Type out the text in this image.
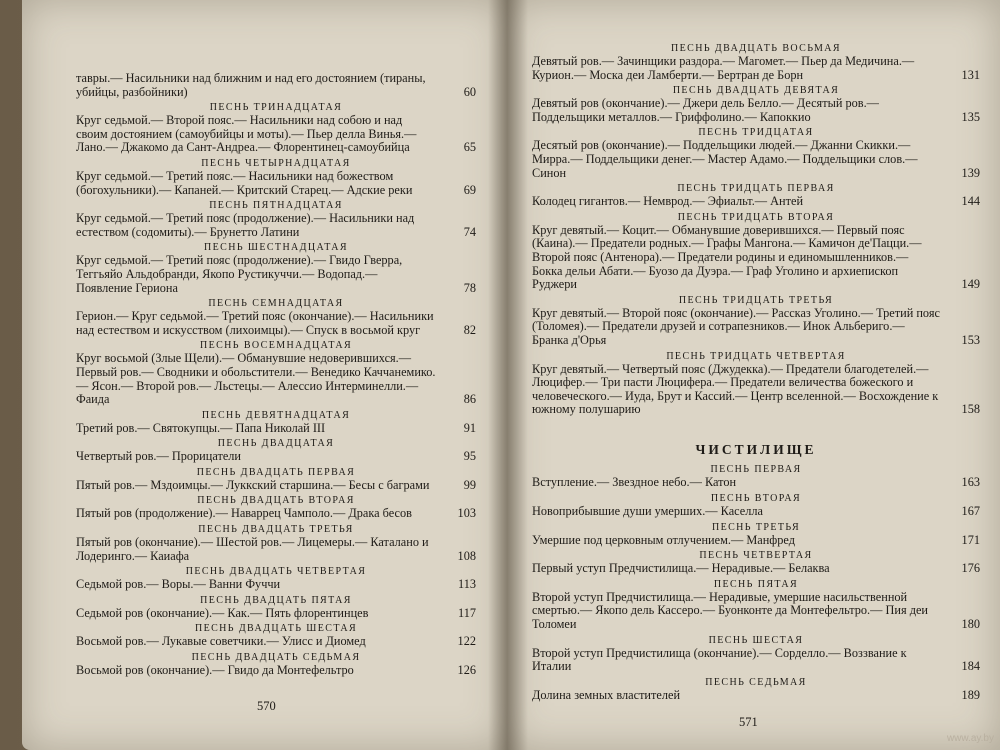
тавры.— Насильники над ближним и над его достоянием (тираны, убийцы, разбойники)	60
ПЕСНЬ ТРИНАДЦАТАЯ
Круг седьмой.— Второй пояс.— Насильники над собою и над своим достоянием (самоубийцы и моты).— Пьер делла Винья.— Лано.— Джакомо да Сант-Андреа.— Флорентинец-самоубийца	65
ПЕСНЬ ЧЕТЫРНАДЦАТАЯ
Круг седьмой.— Третий пояс.— Насильники над божеством (богохульники).— Капаней.— Критский Старец.— Адские реки	69
ПЕСНЬ ПЯТНАДЦАТАЯ
Круг седьмой.— Третий пояс (продолжение).— Насильники над естеством (содомиты).— Брунетто Латини	74
ПЕСНЬ ШЕСТНАДЦАТАЯ
Круг седьмой.— Третий пояс (продолжение).— Гвидо Гверра, Теггьяйо Альдобранди, Якопо Рустикуччи.— Водопад.— Появление Гериона	78
ПЕСНЬ СЕМНАДЦАТАЯ
Герион.— Круг седьмой.— Третий пояс (окончание).— Насильники над естеством и искусством (лихоимцы).— Спуск в восьмой круг	82
ПЕСНЬ ВОСЕМНАДЦАТАЯ
Круг восьмой (Злые Щели).— Обманувшие недоверившихся.— Первый ров.— Сводники и обольстители.— Венедико Каччанемико.— Ясон.— Второй ров.— Льстецы.— Алессио Интерминелли.— Фаида	86
ПЕСНЬ ДЕВЯТНАДЦАТАЯ
Третий ров.— Святокупцы.— Папа Николай III	91
ПЕСНЬ ДВАДЦАТАЯ
Четвертый ров.— Прорицатели	95
ПЕСНЬ ДВАДЦАТЬ ПЕРВАЯ
Пятый ров.— Мздоимцы.— Луккский старшина.— Бесы с баграми	99
ПЕСНЬ ДВАДЦАТЬ ВТОРАЯ
Пятый ров (продолжение).— Наваррец Чамполо.— Драка бесов	103
ПЕСНЬ ДВАДЦАТЬ ТРЕТЬЯ
Пятый ров (окончание).— Шестой ров.— Лицемеры.— Каталано и Лодеринго.— Каиафа	108
ПЕСНЬ ДВАДЦАТЬ ЧЕТВЕРТАЯ
Седьмой ров.— Воры.— Ванни Фуччи	113
ПЕСНЬ ДВАДЦАТЬ ПЯТАЯ
Седьмой ров (окончание).— Как.— Пять флорентинцев	117
ПЕСНЬ ДВАДЦАТЬ ШЕСТАЯ
Восьмой ров.— Лукавые советчики.— Улисс и Диомед	122
ПЕСНЬ ДВАДЦАТЬ СЕДЬМАЯ
Восьмой ров (окончание).— Гвидо да Монтефельтро	126
570
ПЕСНЬ ДВАДЦАТЬ ВОСЬМАЯ
Девятый ров.— Зачинщики раздора.— Магомет.— Пьер да Медичина.— Курион.— Моска деи Ламберти.— Бертран де Борн	131
ПЕСНЬ ДВАДЦАТЬ ДЕВЯТАЯ
Девятый ров (окончание).— Джери дель Белло.— Десятый ров.— Поддельщики металлов.— Гриффолино.— Капоккио	135
ПЕСНЬ ТРИДЦАТАЯ
Десятый ров (окончание).— Поддельщики людей.— Джанни Скикки.— Мирра.— Поддельщики денег.— Мастер Адамо.— Поддельщики слов.— Синон	139
ПЕСНЬ ТРИДЦАТЬ ПЕРВАЯ
Колодец гигантов.— Немврод.— Эфиальт.— Антей	144
ПЕСНЬ ТРИДЦАТЬ ВТОРАЯ
Круг девятый.— Коцит.— Обманувшие доверившихся.— Первый пояс (Каина).— Предатели родных.— Графы Мангона.— Камичон де'Пацци.— Второй пояс (Антенора).— Предатели родины и единомышленников.— Бокка дельи Абати.— Буозо да Дуэра.— Граф Уголино и архиепископ Руджери	149
ПЕСНЬ ТРИДЦАТЬ ТРЕТЬЯ
Круг девятый.— Второй пояс (окончание).— Рассказ Уголино.— Третий пояс (Толомея).— Предатели друзей и сотрапезников.— Инок Альбериго.— Бранка д'Орья	153
ПЕСНЬ ТРИДЦАТЬ ЧЕТВЕРТАЯ
Круг девятый.— Четвертый пояс (Джудекка).— Предатели благодетелей.— Люцифер.— Три пасти Люцифера.— Предатели величества божеского и человеческого.— Иуда, Брут и Кассий.— Центр вселенной.— Восхождение к южному полушарию	158
ЧИСТИЛИЩЕ
ПЕСНЬ ПЕРВАЯ
Вступление.— Звездное небо.— Катон	163
ПЕСНЬ ВТОРАЯ
Новоприбывшие души умерших.— Каселла	167
ПЕСНЬ ТРЕТЬЯ
Умершие под церковным отлучением.— Манфред	171
ПЕСНЬ ЧЕТВЕРТАЯ
Первый уступ Предчистилища.— Нерадивые.— Белаква	176
ПЕСНЬ ПЯТАЯ
Второй уступ Предчистилища.— Нерадивые, умершие насильственной смертью.— Якопо дель Кассеро.— Буонконте да Монтефельтро.— Пия деи Толомеи	180
ПЕСНЬ ШЕСТАЯ
Второй уступ Предчистилища (окончание).— Сорделло.— Воззвание к Италии	184
ПЕСНЬ СЕДЬМАЯ
Долина земных властителей	189
571
www.ay.by
